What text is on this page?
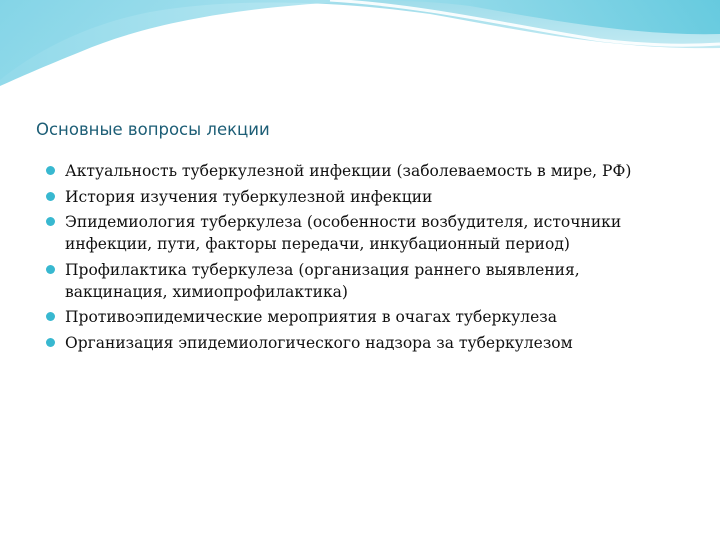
Основные вопросы лекции
Актуальность туберкулезной инфекции (заболеваемость в мире, РФ)
История изучения туберкулезной инфекции
Эпидемиология туберкулеза (особенности возбудителя, источники инфекции, пути, факторы передачи, инкубационный период)
Профилактика туберкулеза (организация раннего выявления, вакцинация, химиопрофилактика)
Противоэпидемические мероприятия в очагах туберкулеза
Организация эпидемиологического надзора за туберкулезом
